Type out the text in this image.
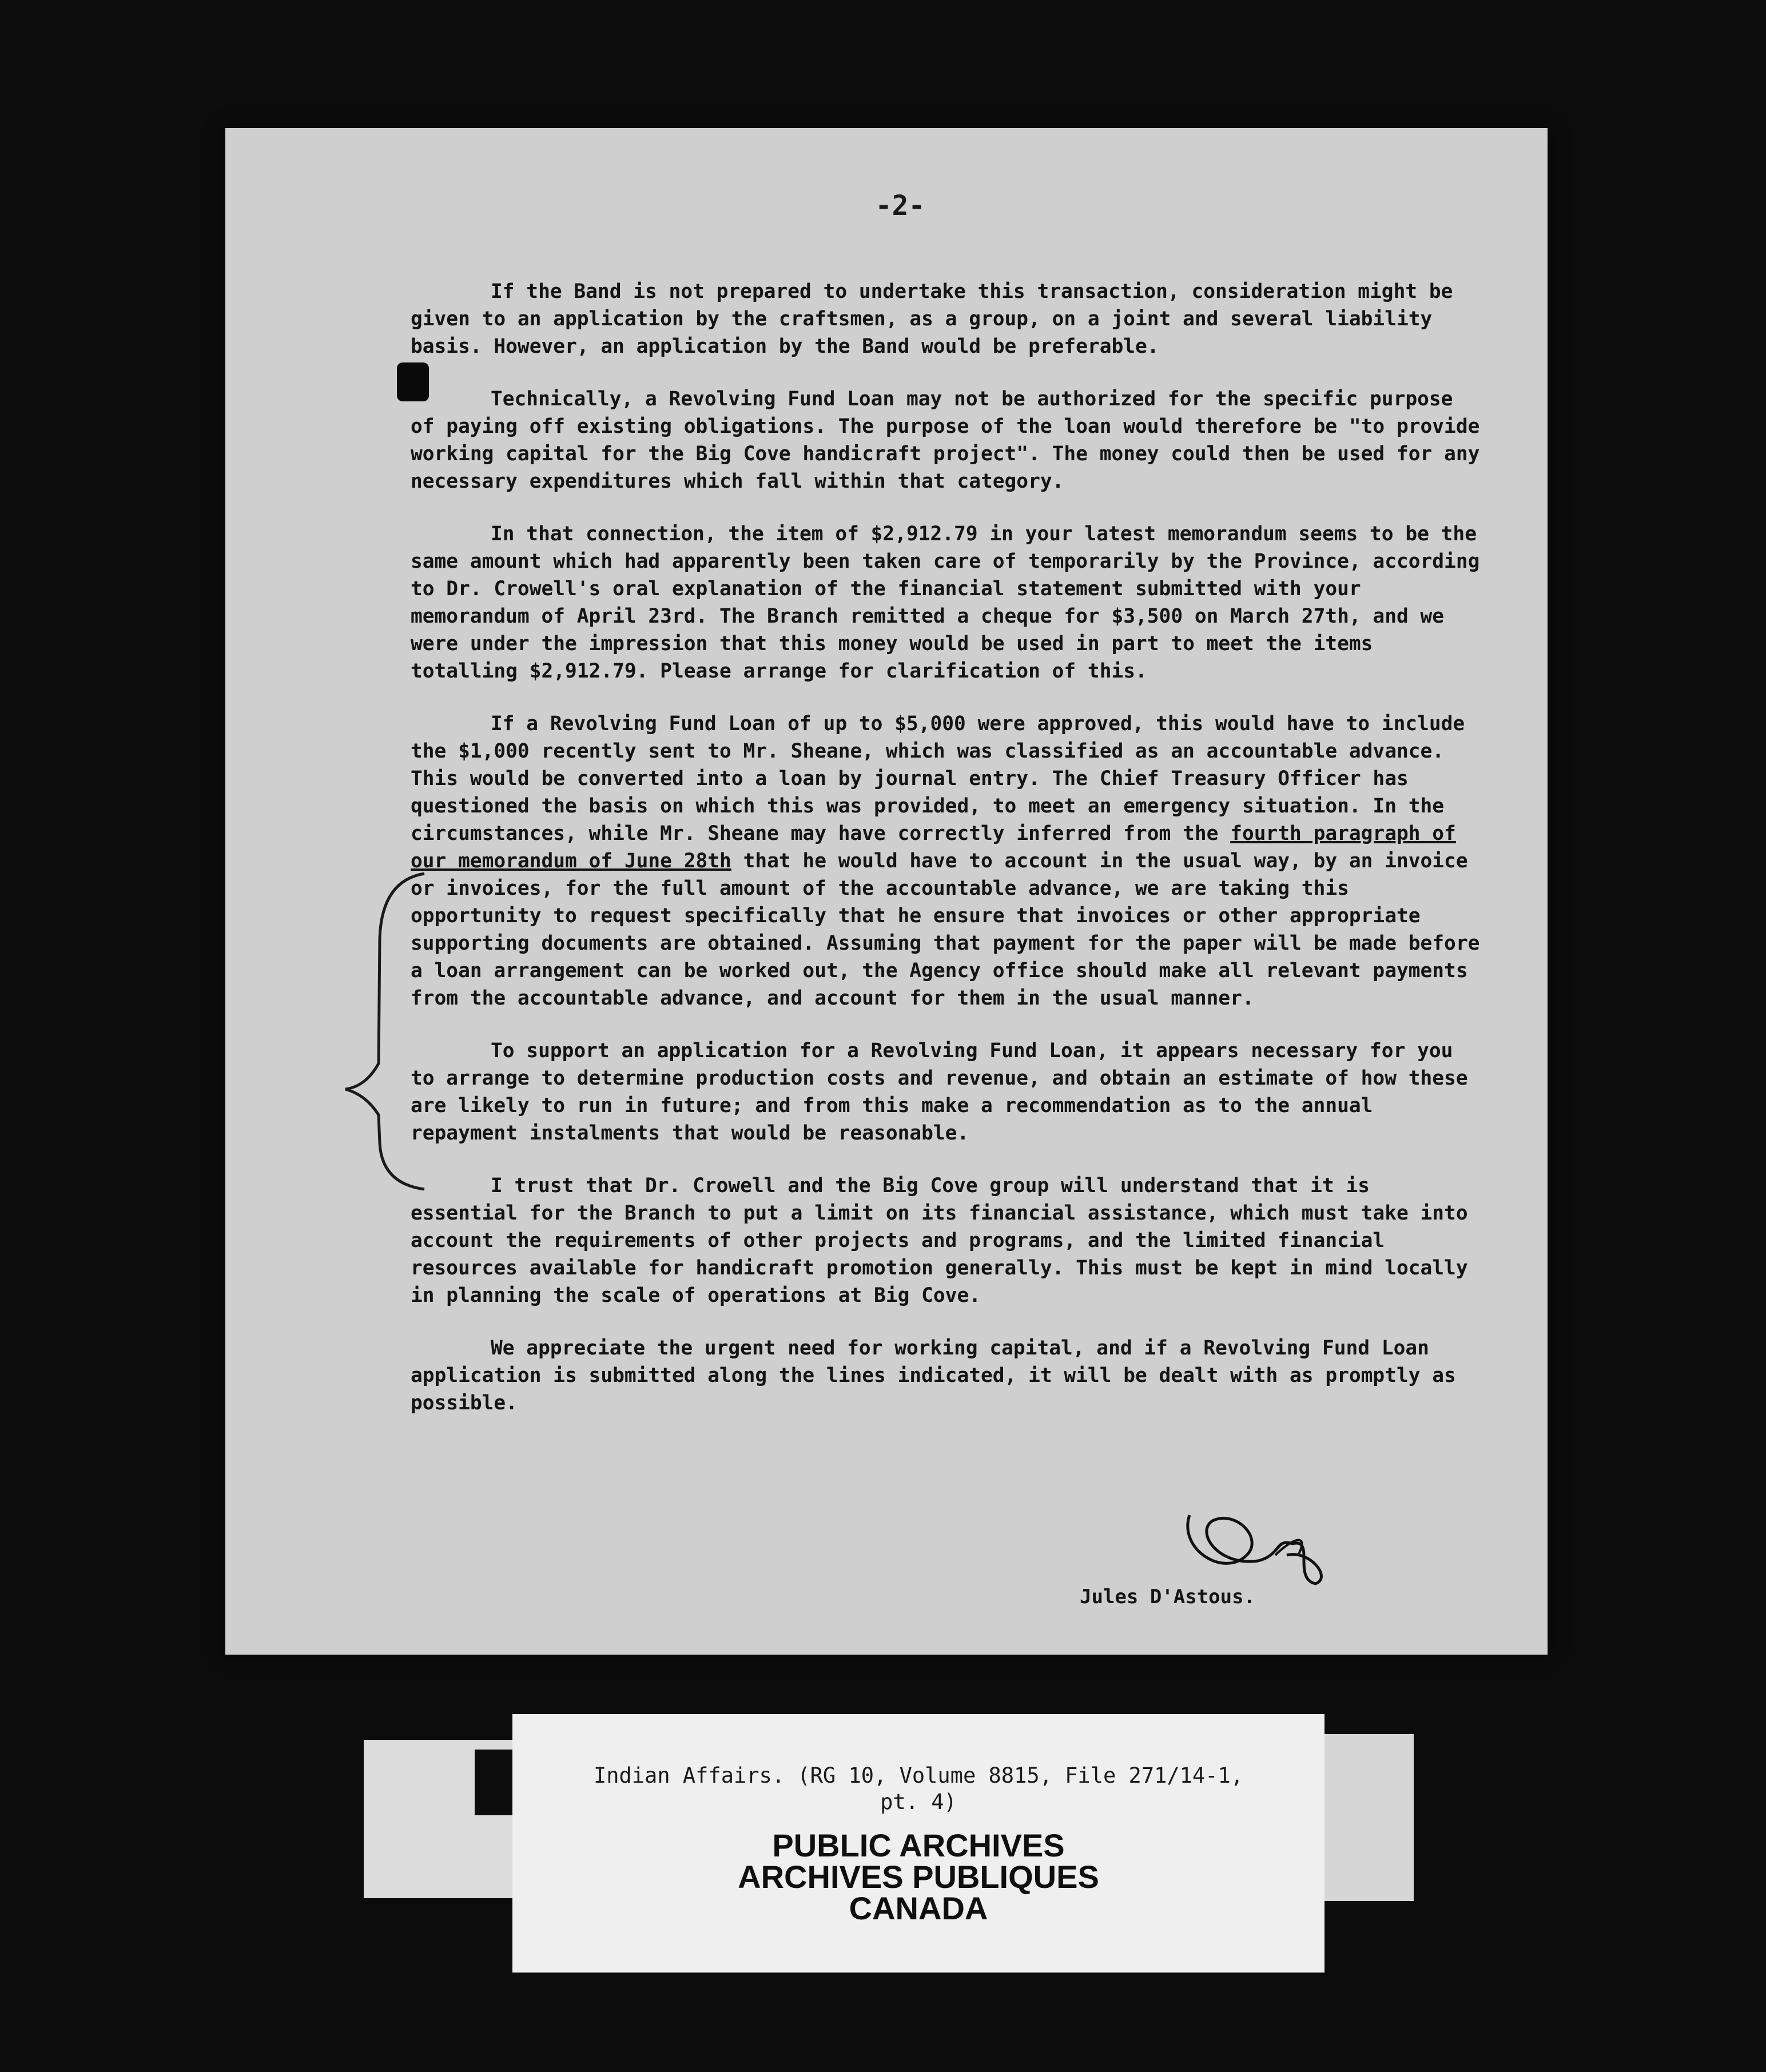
-2-

If the Band is not prepared to undertake this transaction, consideration might be given to an application by the craftsmen, as a group, on a joint and several liability basis. However, an application by the Band would be preferable.

Technically, a Revolving Fund Loan may not be authorized for the specific purpose of paying off existing obligations. The purpose of the loan would therefore be "to provide working capital for the Big Cove handicraft project". The money could then be used for any necessary expenditures which fall within that category.

In that connection, the item of $2,912.79 in your latest memorandum seems to be the same amount which had apparently been taken care of temporarily by the Province, according to Dr. Crowell's oral explanation of the financial statement submitted with your memorandum of April 23rd. The Branch remitted a cheque for $3,500 on March 27th, and we were under the impression that this money would be used in part to meet the items totalling $2,912.79. Please arrange for clarification of this.

If a Revolving Fund Loan of up to $5,000 were approved, this would have to include the $1,000 recently sent to Mr. Sheane, which was classified as an accountable advance. This would be converted into a loan by journal entry. The Chief Treasury Officer has questioned the basis on which this was provided, to meet an emergency situation. In the circumstances, while Mr. Sheane may have correctly inferred from the fourth paragraph of our memorandum of June 28th that he would have to account in the usual way, by an invoice or invoices, for the full amount of the accountable advance, we are taking this opportunity to request specifically that he ensure that invoices or other appropriate supporting documents are obtained. Assuming that payment for the paper will be made before a loan arrangement can be worked out, the Agency office should make all relevant payments from the accountable advance, and account for them in the usual manner.

To support an application for a Revolving Fund Loan, it appears necessary for you to arrange to determine production costs and revenue, and obtain an estimate of how these are likely to run in future; and from this make a recommendation as to the annual repayment instalments that would be reasonable.

I trust that Dr. Crowell and the Big Cove group will understand that it is essential for the Branch to put a limit on its financial assistance, which must take into account the requirements of other projects and programs, and the limited financial resources available for handicraft promotion generally. This must be kept in mind locally in planning the scale of operations at Big Cove.

We appreciate the urgent need for working capital, and if a Revolving Fund Loan application is submitted along the lines indicated, it will be dealt with as promptly as possible.

Jules D'Astous.
Indian Affairs. (RG 10, Volume 8815, File 271/14-1,
pt. 4)
PUBLIC ARCHIVES
ARCHIVES PUBLIQUES
CANADA
